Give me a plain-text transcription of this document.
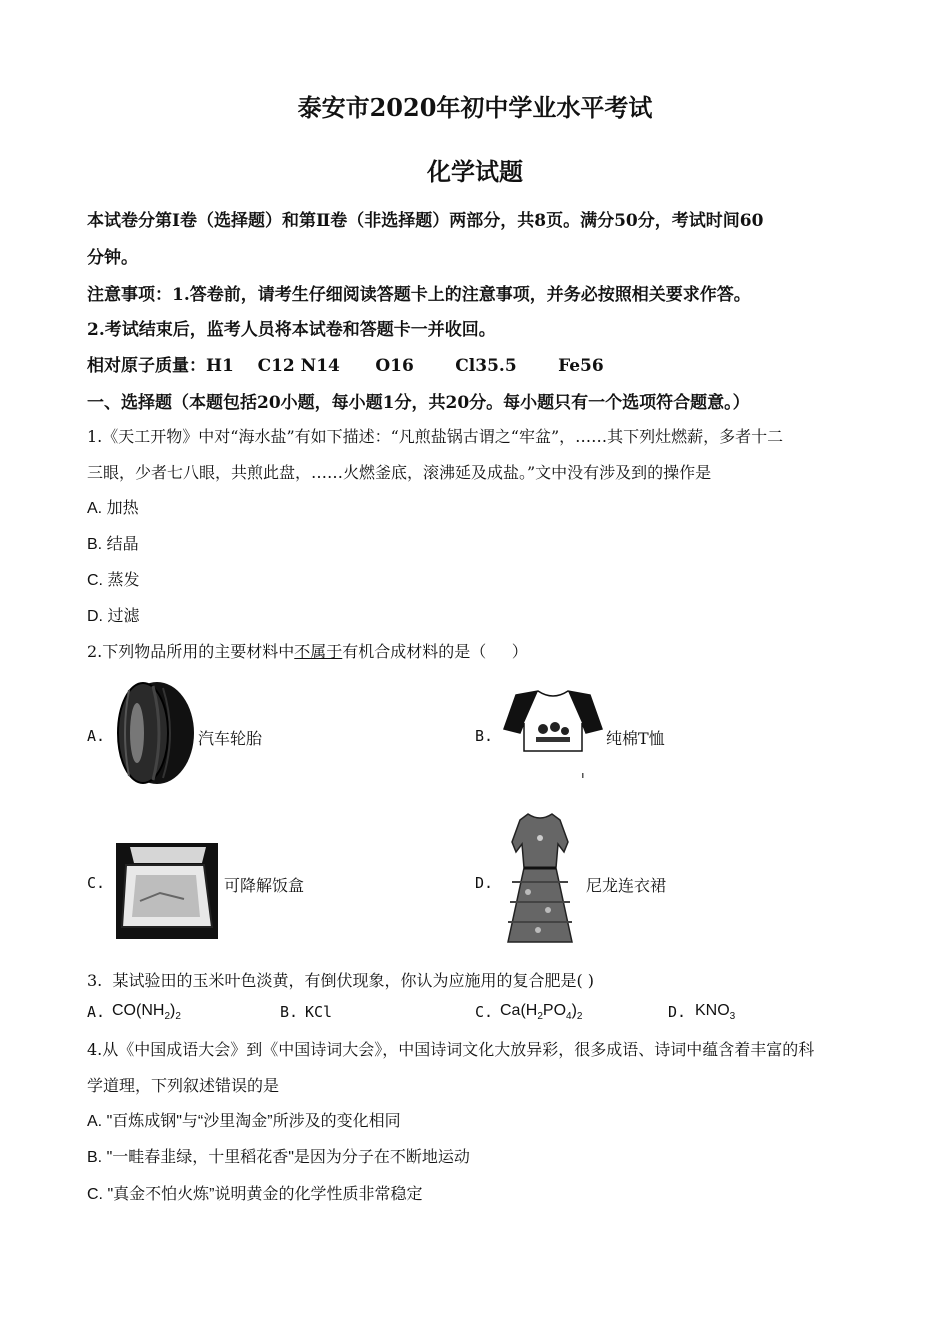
泰安市2020年初中学业水平考试
化学试题
本试卷分第Ⅰ卷（选择题）和第Ⅱ卷（非选择题）两部分，共8页。满分50分，考试时间60
分钟。
注意事项：1.答卷前，请考生仔细阅读答题卡上的注意事项，并务必按照相关要求作答。
2.考试结束后，监考人员将本试卷和答题卡一并收回。
相对原子质量：H1    C12 N14      O16       Cl35.5       Fe56
一、选择题（本题包括20小题，每小题1分，共20分。每小题只有一个选项符合题意。）
1.《天工开物》中对“海水盐”有如下描述：“凡煎盐锅古谓之“牢盆”，……其下列灶燃薪，多者十二
三眼，少者七八眼，共煎此盘，……火燃釜底，滚沸延及成盐。”文中没有涉及到的操作是
A. 加热
B. 结晶
C. 蒸发
D. 过滤
2.下列物品所用的主要材料中不属于有机合成材料的是（     ）
A.	汽车轮胎	B.	纯棉T恤
C.	可降解饭盒	D.	尼龙连衣裙
3.  某试验田的玉米叶色淡黄，有倒伏现象，你认为应施用的复合肥是( )
A. $CO(NH_2)_2$	B. KCl	C. $Ca(H_2PO_4)_2$	D. $KNO_3$
4.从《中国成语大会》到《中国诗词大会》，中国诗词文化大放异彩，很多成语、诗词中蕴含着丰富的科
学道理，下列叙述错误的是
A. "百炼成钢"与“沙里淘金”所涉及的变化相同
B. "一畦春韭绿，十里稻花香"是因为分子在不断地运动
C. "真金不怕火炼”说明黄金的化学性质非常稳定
